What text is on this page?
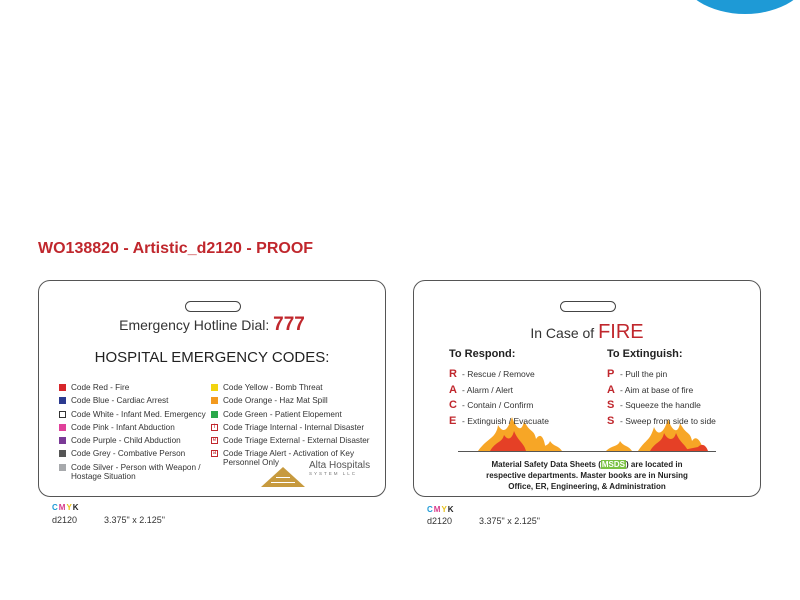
WO138820 - Artistic_d2120 - PROOF
Emergency Hotline Dial: 777
HOSPITAL EMERGENCY CODES:
Code Red - Fire
Code Blue - Cardiac Arrest
Code White - Infant Med. Emergency
Code Pink - Infant Abduction
Code Purple - Child Abduction
Code Grey - Combative Person
Code Silver - Person with Weapon / Hostage Situation
Code Yellow - Bomb Threat
Code Orange - Haz Mat Spill
Code Green - Patient Elopement
i Code Triage Internal - Internal Disaster
e Code Triage External - External Disaster
a Code Triage Alert - Activation of Key Personnel Only	Alta Hospitals
SYSTEM LLC
In Case of FIRE
To Respond:	To Extinguish:
R - Rescue / Remove
A - Alarm / Alert
C - Contain / Confirm
E - Extinguish / Evacuate
P - Pull the pin
A - Aim at base of fire
S - Squeeze the handle
S - Sweep from side to side
Material Safety Data Sheets (MSDS) are located in
respective departments. Master books are in Nursing
Office, ER, Engineering, & Administration
CMYK
d2120	3.375" x 2.125"
CMYK
d2120	3.375" x 2.125"
